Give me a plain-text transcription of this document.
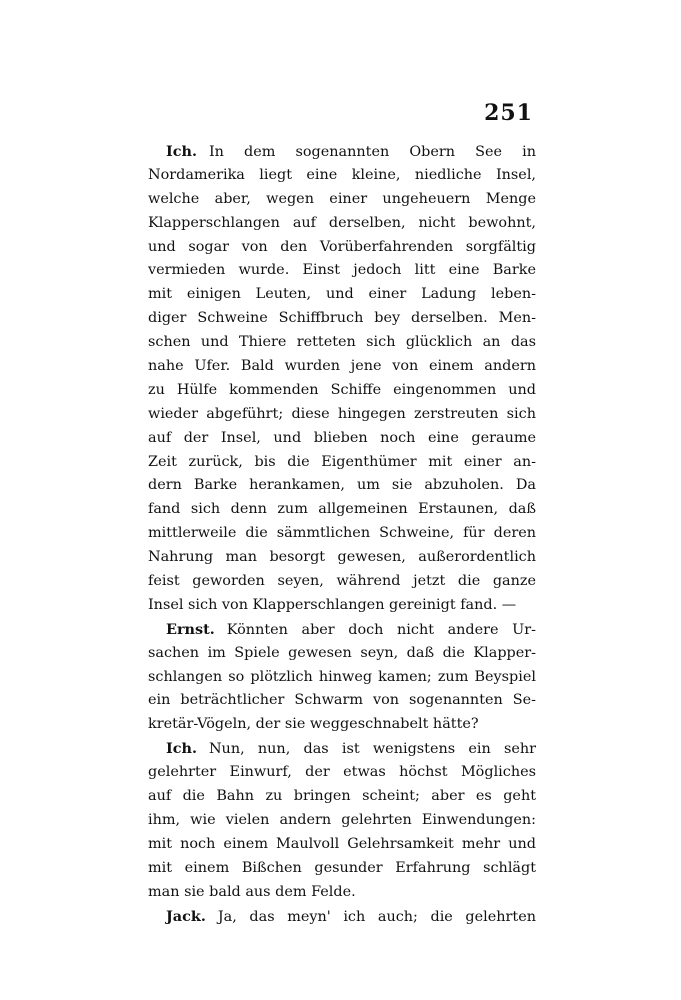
251
Ich. In dem sogenannten Obern See in
Nordamerika liegt eine kleine, niedliche Insel,
welche aber, wegen einer ungeheuern Menge
Klapperschlangen auf derselben, nicht bewohnt,
und sogar von den Vorüberfahrenden sorgfältig
vermieden wurde. Einst jedoch litt eine Barke
mit einigen Leuten, und einer Ladung leben-
diger Schweine Schiffbruch bey derselben. Men-
schen und Thiere retteten sich glücklich an das
nahe Ufer. Bald wurden jene von einem andern
zu Hülfe kommenden Schiffe eingenommen und
wieder abgeführt; diese hingegen zerstreuten sich
auf der Insel, und blieben noch eine geraume
Zeit zurück, bis die Eigenthümer mit einer an-
dern Barke herankamen, um sie abzuholen. Da
fand sich denn zum allgemeinen Erstaunen, daß
mittlerweile die sämmtlichen Schweine, für deren
Nahrung man besorgt gewesen, außerordentlich
feist geworden seyen, während jetzt die ganze
Insel sich von Klapperschlangen gereinigt fand. —
Ernst. Könnten aber doch nicht andere Ur-
sachen im Spiele gewesen seyn, daß die Klapper-
schlangen so plötzlich hinweg kamen; zum Beyspiel
ein beträchtlicher Schwarm von sogenannten Se-
kretär-Vögeln, der sie weggeschnabelt hätte?
Ich. Nun, nun, das ist wenigstens ein sehr
gelehrter Einwurf, der etwas höchst Mögliches
auf die Bahn zu bringen scheint; aber es geht
ihm, wie vielen andern gelehrten Einwendungen:
mit noch einem Maulvoll Gelehrsamkeit mehr und
mit einem Bißchen gesunder Erfahrung schlägt
man sie bald aus dem Felde.
Jack. Ja, das meyn' ich auch; die gelehrten
